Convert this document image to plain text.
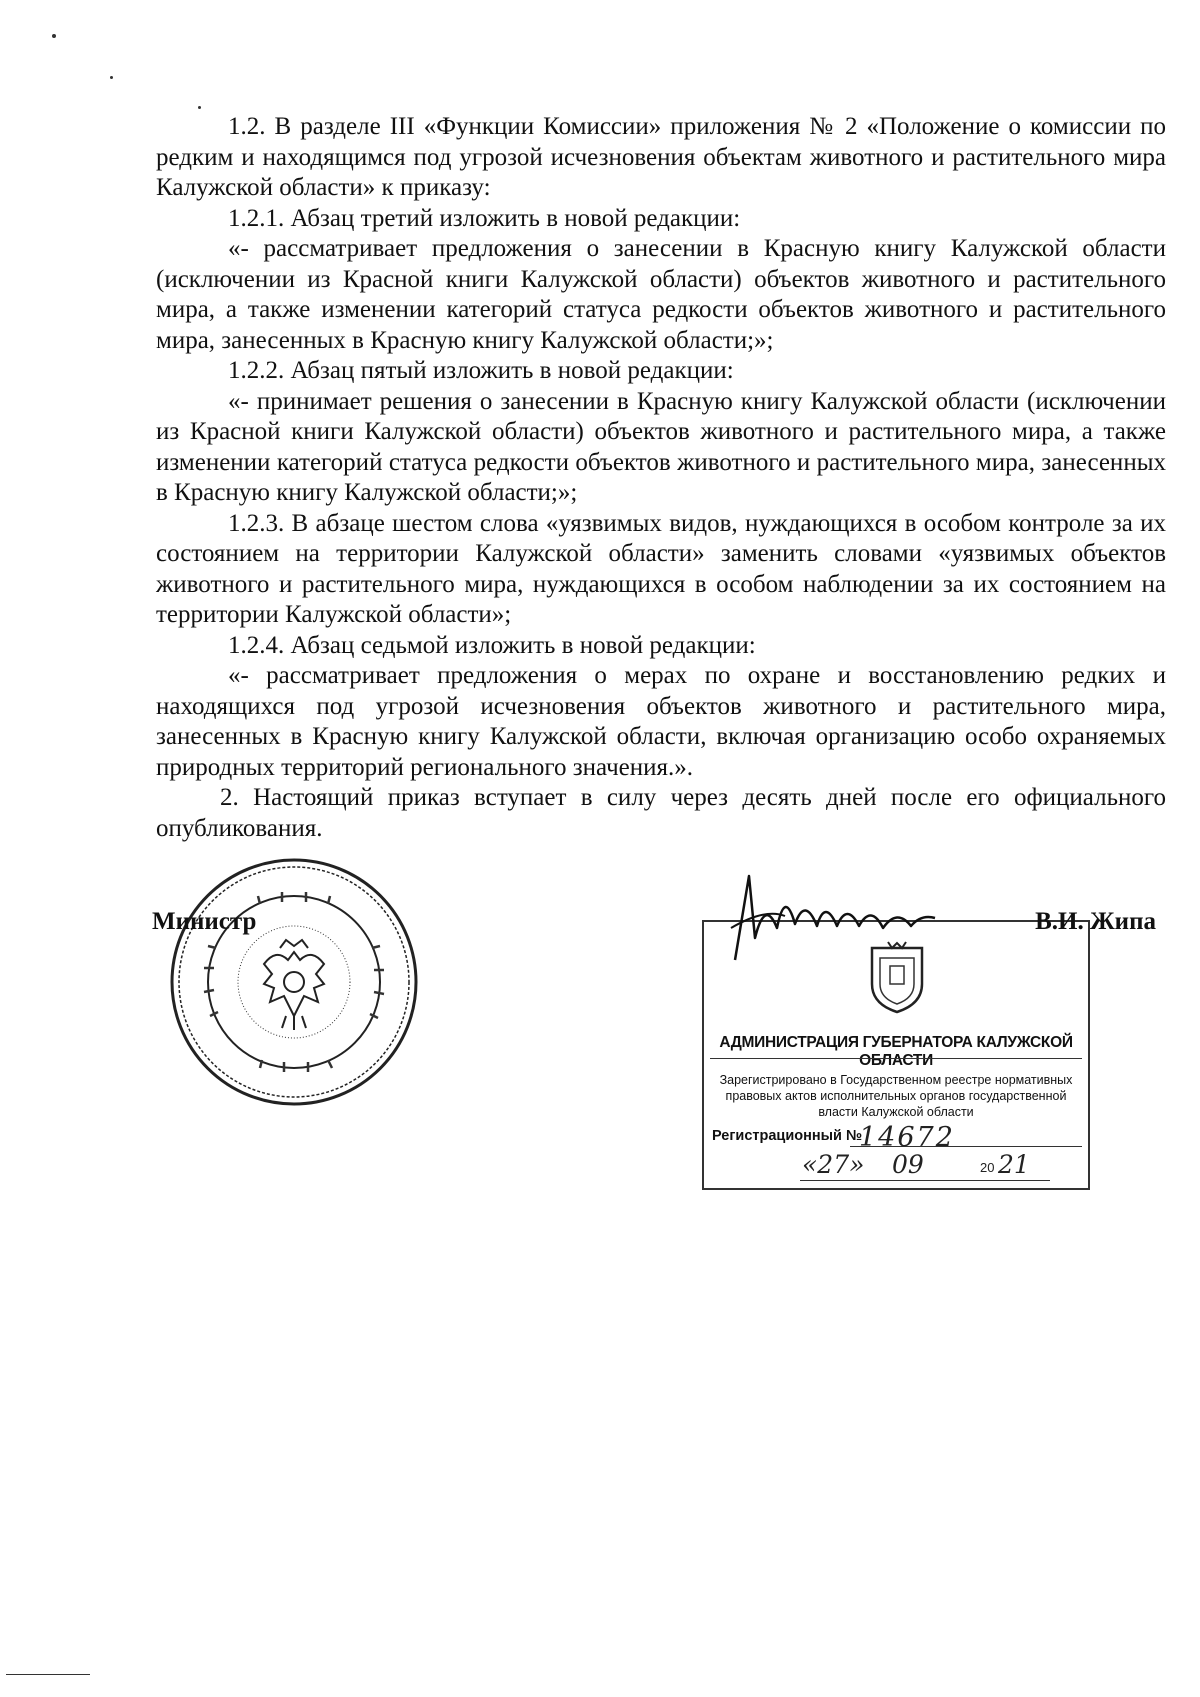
1.2. В разделе III «Функции Комиссии» приложения № 2 «Положение о комиссии по редким и находящимся под угрозой исчезновения объектам животного и растительного мира Калужской области» к приказу:

1.2.1. Абзац третий изложить в новой редакции:

«- рассматривает предложения о занесении в Красную книгу Калужской области (исключении из Красной книги Калужской области) объектов животного и растительного мира, а также изменении категорий статуса редкости объектов животного и растительного мира, занесенных в Красную книгу Калужской области;»;

1.2.2. Абзац пятый изложить в новой редакции:

«- принимает решения о занесении в Красную книгу Калужской области (исключении из Красной книги Калужской области) объектов животного и растительного мира, а также изменении категорий статуса редкости объектов животного и растительного мира, занесенных в Красную книгу Калужской области;»;

1.2.3. В абзаце шестом слова «уязвимых видов, нуждающихся в особом контроле за их состоянием на территории Калужской области» заменить словами «уязвимых объектов животного и растительного мира, нуждающихся в особом наблюдении за их состоянием на территории Калужской области»;

1.2.4. Абзац седьмой изложить в новой редакции:

«- рассматривает предложения о мерах по охране и восстановлению редких и находящихся под угрозой исчезновения объектов животного и растительного мира, занесенных в Красную книгу Калужской области, включая организацию особо охраняемых природных территорий регионального значения.».

2. Настоящий приказ вступает в силу через десять дней после его официального опубликования.

Министр
АДМИНИСТРАЦИЯ ГУБЕРНАТОРА КАЛУЖСКОЙ ОБЛАСТИ
Зарегистрировано в Государственном реестре нормативных правовых актов исполнительных органов государственной власти Калужской области
Регистрационный №
14672
«27» 09	20 21
В.И. Жипа
